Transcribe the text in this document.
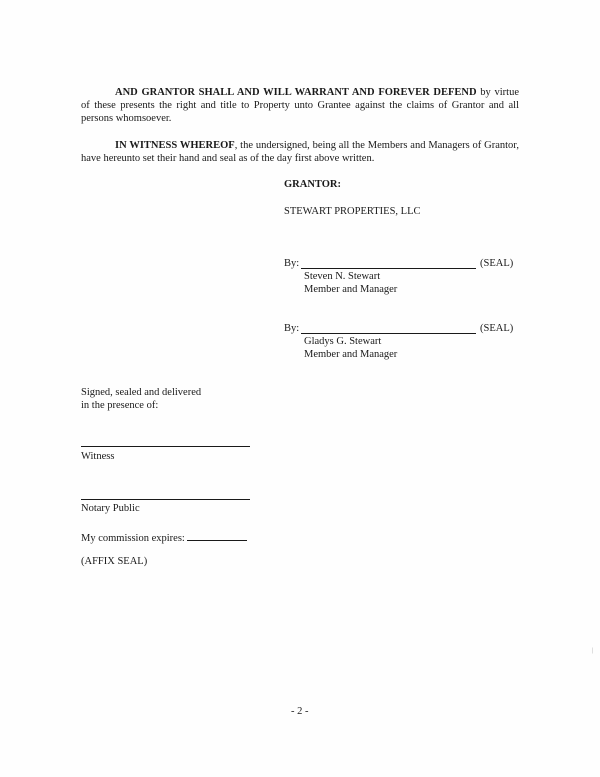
AND GRANTOR SHALL AND WILL WARRANT AND FOREVER DEFEND by virtue of these presents the right and title to Property unto Grantee against the claims of Grantor and all persons whomsoever.
IN WITNESS WHEREOF, the undersigned, being all the Members and Managers of Grantor, have hereunto set their hand and seal as of the day first above written.
GRANTOR:
STEWART PROPERTIES, LLC
By:	(SEAL)
Steven N. Stewart
Member and Manager
By:	(SEAL)
Gladys G. Stewart
Member and Manager
Signed, sealed and delivered
in the presence of:
Witness
Notary Public
My commission expires:
(AFFIX SEAL)
- 2 -
|
